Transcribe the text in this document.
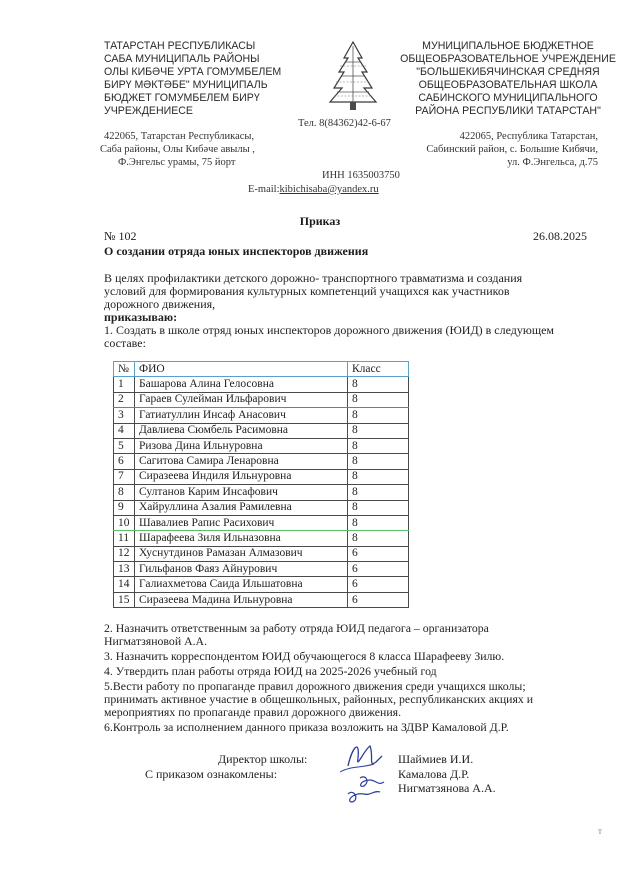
ТАТАРСТАН РЕСПУБЛИКАСЫ
САБА МУНИЦИПАЛЬ РАЙОНЫ
ОЛЫ КИБӘЧЕ УРТА ГОМУМБЕЛЕМ
БИРҮ МӘКТӘБЕ" МУНИЦИПАЛЬ
БЮДЖЕТ ГОМУМБЕЛЕМ БИРҮ
УЧРЕЖДЕНИЕСЕ
МУНИЦИПАЛЬНОЕ БЮДЖЕТНОЕ
ОБЩЕОБРАЗОВАТЕЛЬНОЕ УЧРЕЖДЕНИЕ
"БОЛЬШЕКИБЯЧИНСКАЯ СРЕДНЯЯ
ОБЩЕОБРАЗОВАТЕЛЬНАЯ ШКОЛА
САБИНСКОГО МУНИЦИПАЛЬНОГО
РАЙОНА РЕСПУБЛИКИ ТАТАРСТАН"
Тел. 8(84362)42-6-67
422065, Татарстан Республикасы,
Саба районы, Олы Кибәче авылы ,
Ф.Энгельс урамы, 75 йорт
422065, Республика Татарстан,
Сабинский район, с. Большие Кибячи,
ул. Ф.Энгельса, д.75
ИНН 1635003750
E-mail:kibichisaba@yandex.ru
Приказ
№ 102	26.08.2025
О создании отряда юных инспекторов движения
В целях профилактики детского дорожно- транспортного травматизма и создания
условий для формирования культурных компетенций учащихся как участников
дорожного движения,
приказываю:
1. Создать в школе отряд юных инспекторов дорожного движения (ЮИД) в следующем
составе:
№	ФИО	Класс
1	Башарова Алина Гелосовна	8
2	Гараев Сулейман Ильфарович	8
3	Гатиатуллин Инсаф Анасович	8
4	Давлиева Сюмбель Расимовна	8
5	Ризова Дина Ильнуровна	8
6	Сагитова Самира Ленаровна	8
7	Сиразеева Индиля Ильнуровна	8
8	Султанов Карим Инсафович	8
9	Хайруллина Азалия Рамилевна	8
10	Шавалиев Рапис Расихович	8
11	Шарафеева Зиля Ильназовна	8
12	Хуснутдинов Рамазан Алмазович	6
13	Гильфанов Фаяз Айнурович	6
14	Галиахметова Саида Ильшатовна	6
15	Сиразеева Мадина Ильнуровна	6
2. Назначить ответственным за работу отряда ЮИД педагога – организатора
Нигматзяновой А.А.
3. Назначить корреспондентом ЮИД обучающегося 8 класса Шарафееву Зилю.
4. Утвердить план работы отряда ЮИД на 2025-2026 учебный год
5.Вести работу по пропаганде правил дорожного движения среди учащихся школы;
принимать активное участие в общешкольных, районных, республиканских акциях и
мероприятиях по пропаганде правил дорожного движения.
6.Контроль за исполнением данного приказа возложить на ЗДВР Камаловой Д.Р.
Директор школы:	Шаймиев И.И.
С приказом ознакомлены:	Камалова Д.Р.
Нигматзянова А.А.
т
